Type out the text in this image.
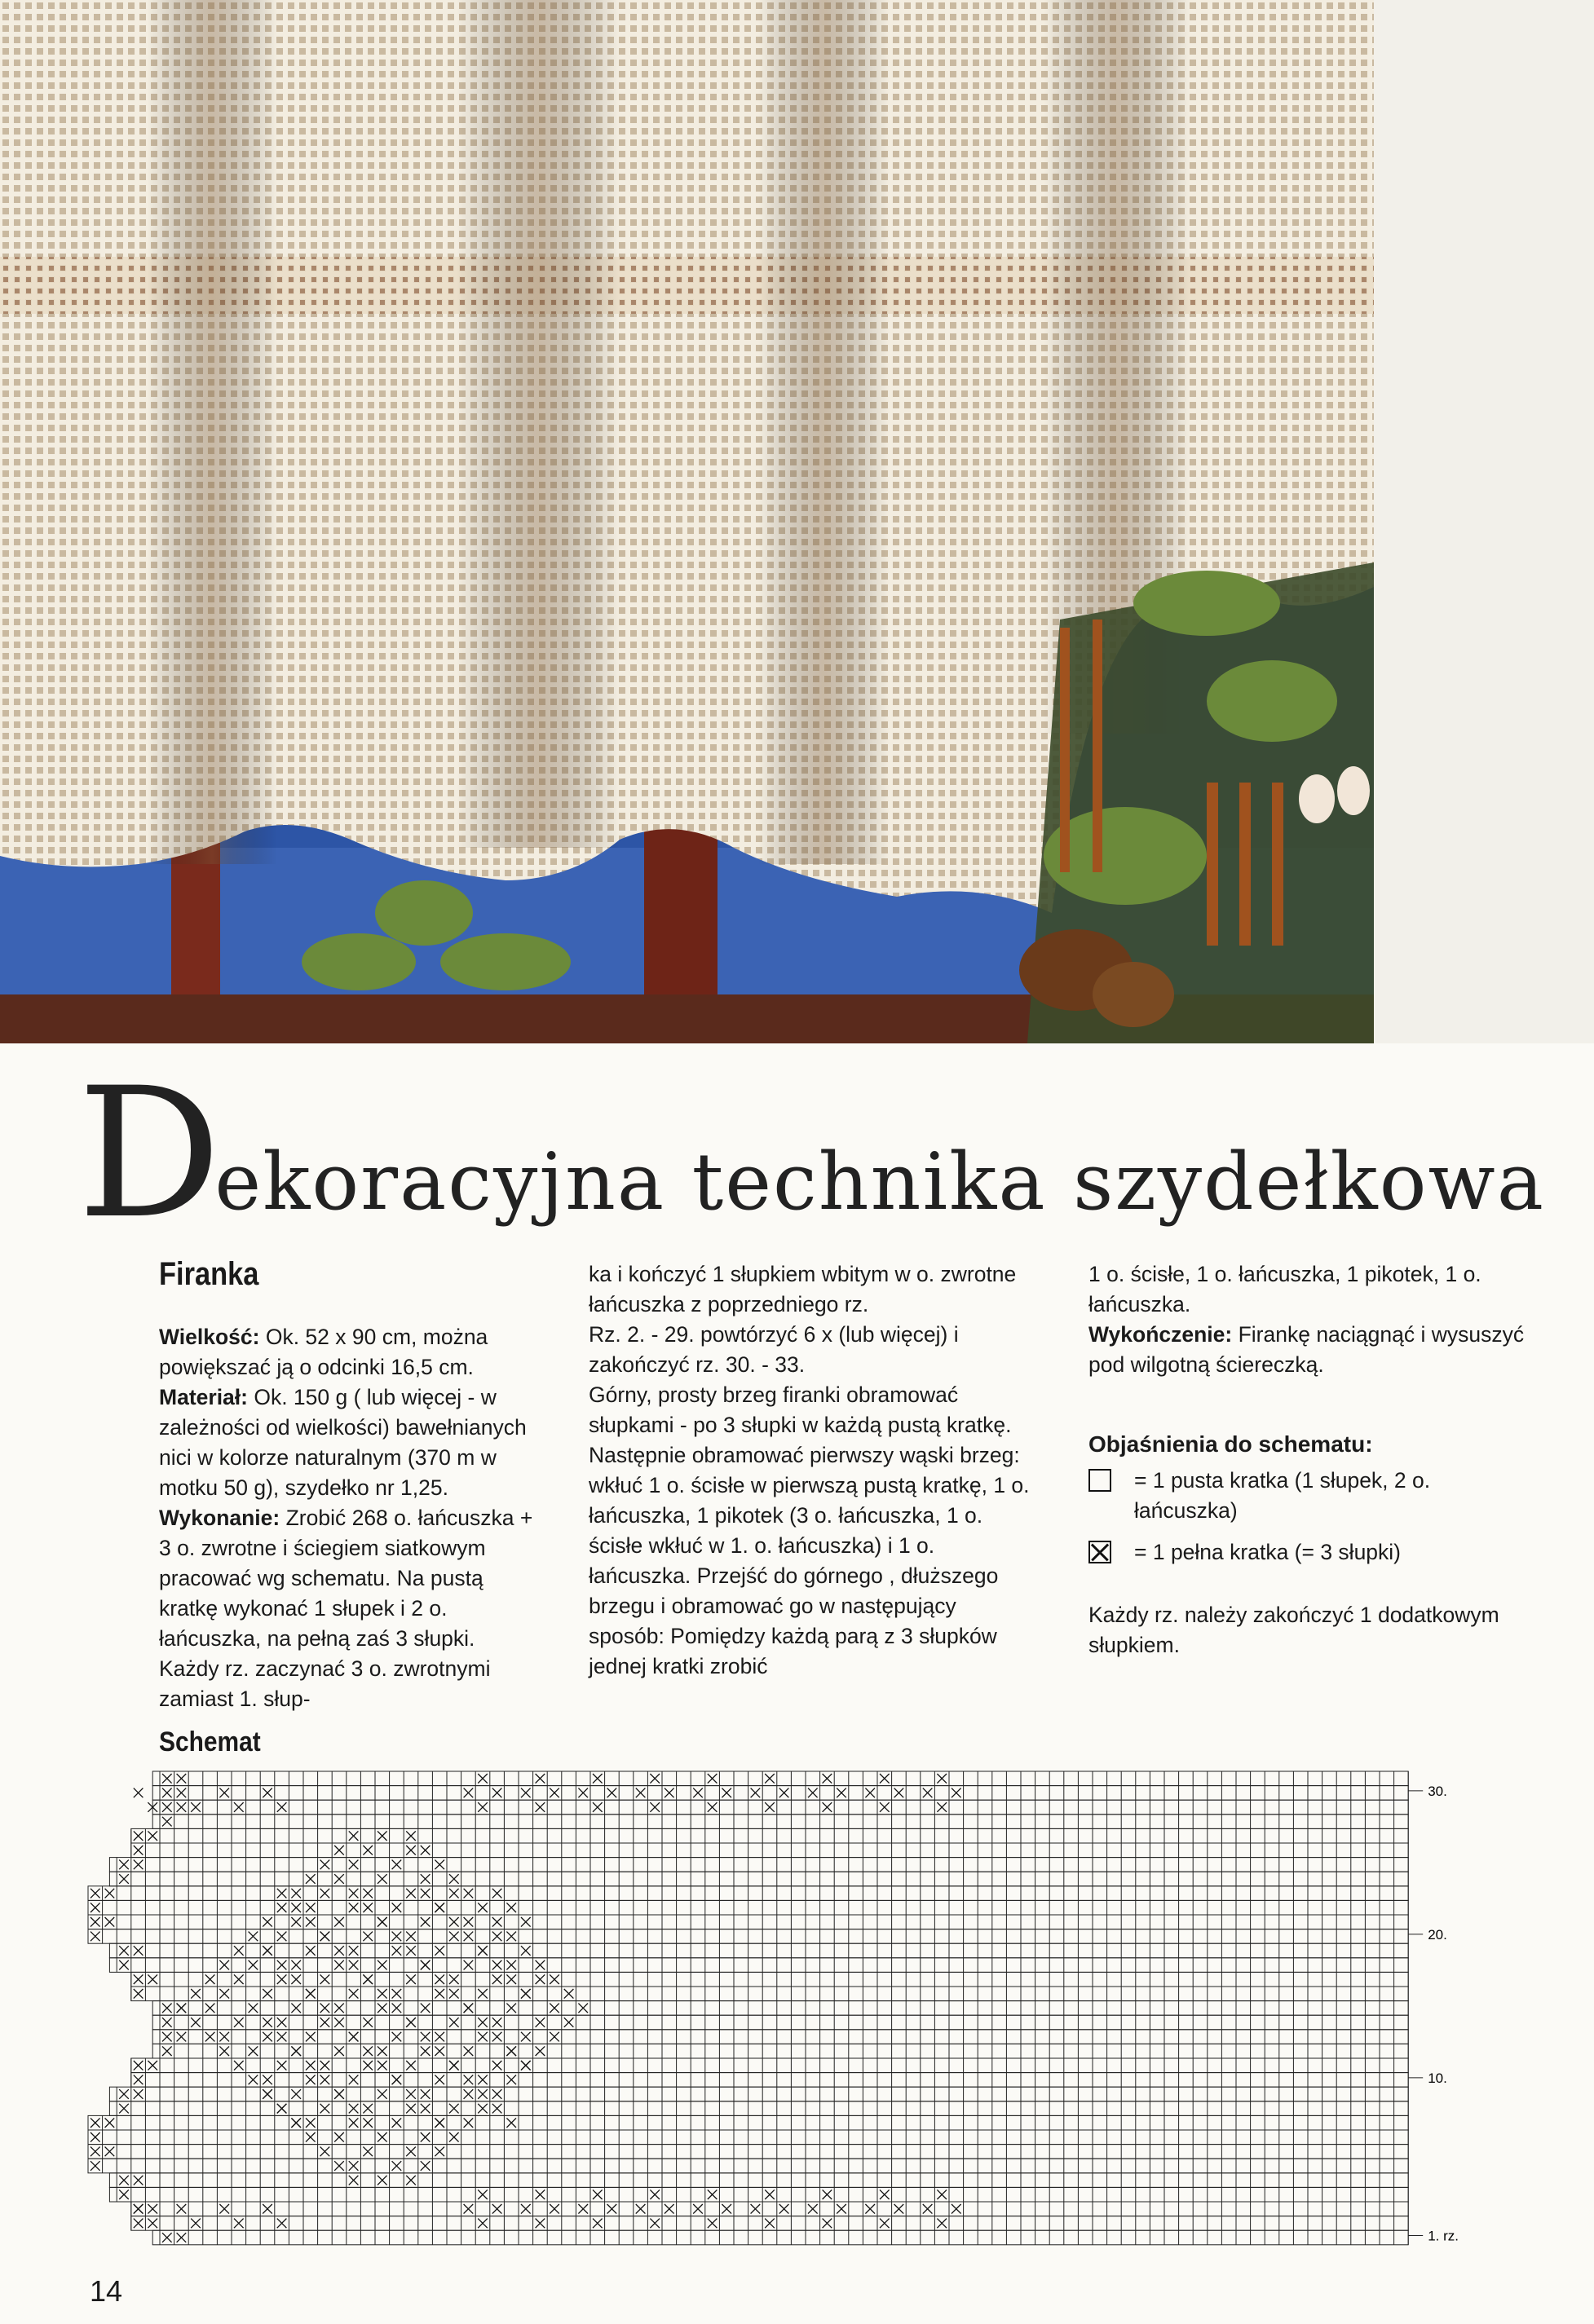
Dekoracyjna technika szydełkowa
Firanka

Wielkość: Ok. 52 x 90 cm, można powiększać ją o odcinki 16,5 cm.

Materiał: Ok. 150 g ( lub więcej - w zależności od wielkości) bawełnianych nici w kolorze naturalnym (370 m w motku 50 g), szydełko nr 1,25.

Wykonanie: Zrobić 268 o. łańcuszka + 3 o. zwrotne i ściegiem siatkowym pracować wg schematu. Na pustą kratkę wykonać 1 słupek i 2 o. łańcuszka, na pełną zaś 3 słupki. Każdy rz. zaczynać 3 o. zwrotnymi zamiast 1. słup-

ka i kończyć 1 słupkiem wbitym w o. zwrotne łańcuszka z poprzedniego rz.

Rz. 2. - 29. powtórzyć 6 x (lub więcej) i zakończyć rz. 30. - 33.

Górny, prosty brzeg firanki obramować słupkami - po 3 słupki w każdą pustą kratkę. Następnie obramować pierwszy wąski brzeg: wkłuć 1 o. ścisłe w pierwszą pustą kratkę, 1 o. łańcuszka, 1 pikotek (3 o. łańcuszka, 1 o. ścisłe wkłuć w 1. o. łańcuszka) i 1 o. łańcuszka. Przejść do górnego , dłuższego brzegu i obramować go w następujący sposób: Pomiędzy każdą parą z 3 słupków jednej kratki zrobić

1 o. ścisłe, 1 o. łańcuszka, 1 pikotek, 1 o. łańcuszka.

Wykończenie: Firankę naciągnąć i wysuszyć pod wilgotną ściereczką.

Objaśnienia do schematu:
= 1 pusta kratka (1 słupek, 2 o. łańcuszka)
= 1 pełna kratka (= 3 słupki)

Każdy rz. należy zakończyć 1 dodatkowym słupkiem.

Schemat
30.
20.
10.
1. rz.
14
